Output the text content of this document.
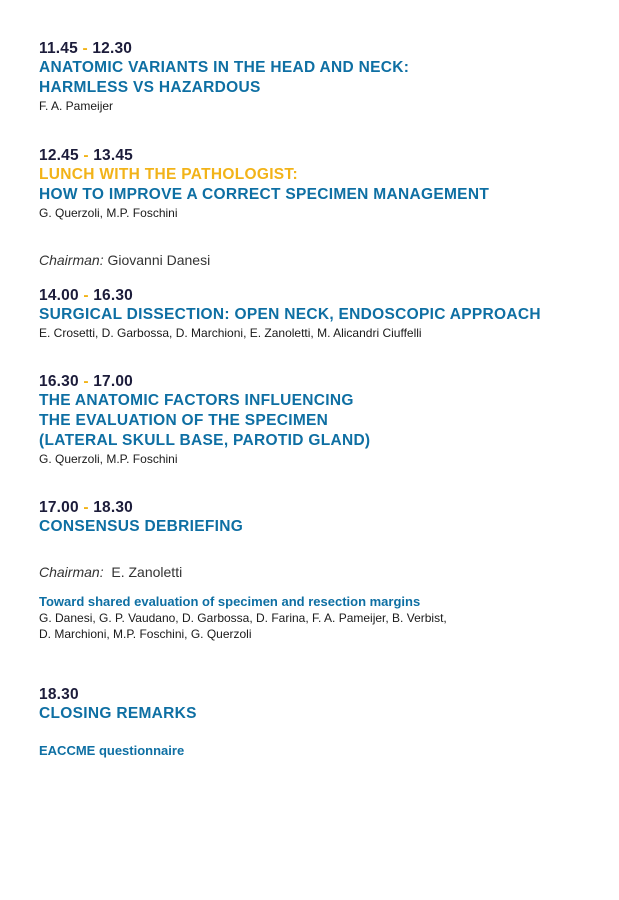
11.45 - 12.30
ANATOMIC VARIANTS IN THE HEAD AND NECK:
HARMLESS VS HAZARDOUS
F. A. Pameijer
12.45 - 13.45
LUNCH WITH THE PATHOLOGIST:
HOW TO IMPROVE A CORRECT SPECIMEN MANAGEMENT
G. Querzoli, M.P. Foschini
Chairman: Giovanni Danesi
14.00 - 16.30
SURGICAL DISSECTION: OPEN NECK, ENDOSCOPIC APPROACH
E. Crosetti, D. Garbossa, D. Marchioni, E. Zanoletti, M. Alicandri Ciuffelli
16.30 - 17.00
THE ANATOMIC FACTORS INFLUENCING
THE EVALUATION OF THE SPECIMEN
(LATERAL SKULL BASE, PAROTID GLAND)
G. Querzoli, M.P. Foschini
17.00 - 18.30
CONSENSUS DEBRIEFING
Chairman: E. Zanoletti
Toward shared evaluation of specimen and resection margins
G. Danesi, G. P. Vaudano, D. Garbossa, D. Farina, F. A. Pameijer, B. Verbist,
D. Marchioni, M.P. Foschini, G. Querzoli
18.30
CLOSING REMARKS
EACCME questionnaire
